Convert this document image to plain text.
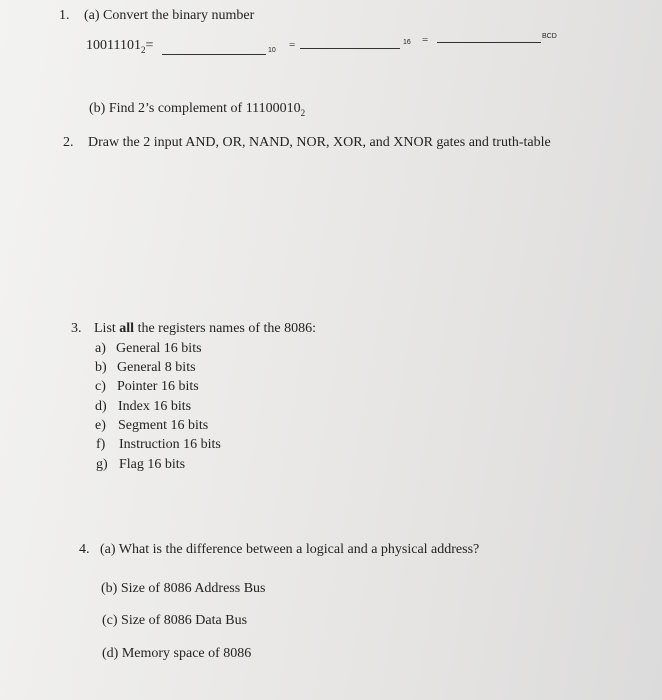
1. (a) Convert the binary number
$10011101_2=$	10 =	16 =	BCD
(b) Find 2’s complement of $11100010_2$
2. Draw the 2 input AND, OR, NAND, NOR, XOR, and XNOR gates and truth-table
3. List all the registers names of the 8086:
a) General 16 bits
b) General 8 bits
c) Pointer 16 bits
d) Index 16 bits
e) Segment 16 bits
f) Instruction 16 bits
g) Flag 16 bits
4. (a) What is the difference between a logical and a physical address?
(b) Size of 8086 Address Bus
(c) Size of 8086 Data Bus
(d) Memory space of 8086
